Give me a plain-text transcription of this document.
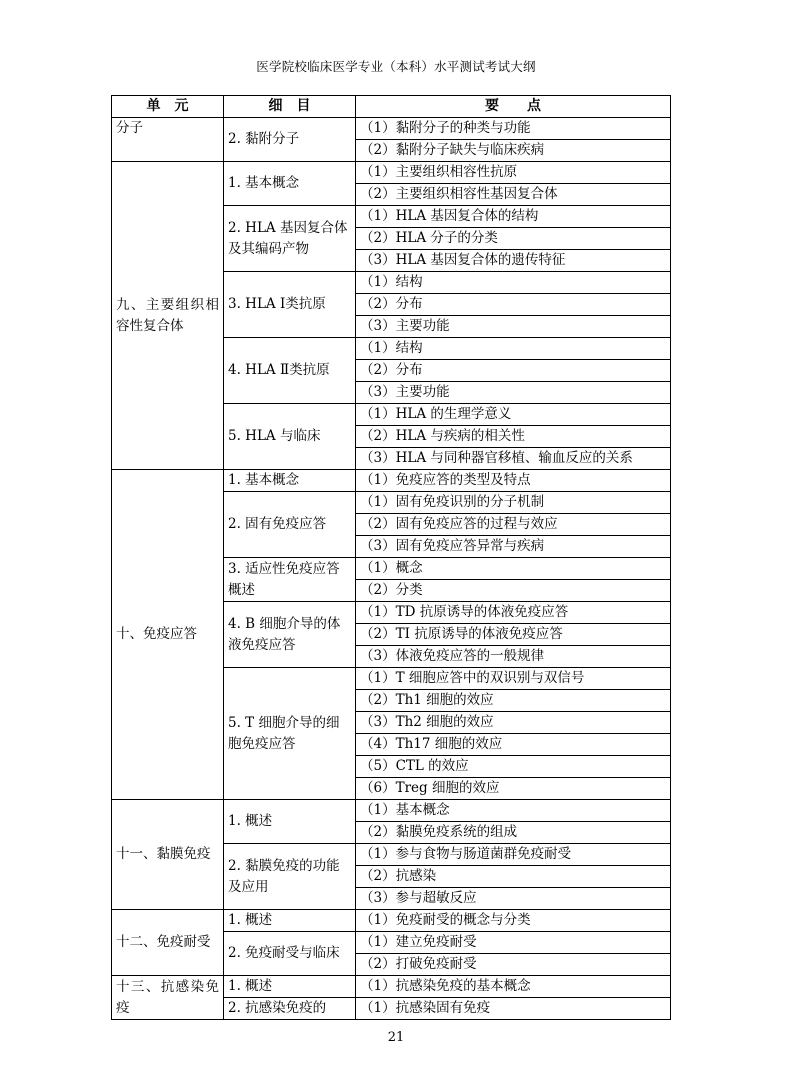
医学院校临床医学专业（本科）水平测试考试大纲
单　元	细　目	要　　点
分子	2. 黏附分子	（1）黏附分子的种类与功能
		（2）黏附分子缺失与临床疾病
九、主要组织相容性复合体	1. 基本概念	（1）主要组织相容性抗原
		（2）主要组织相容性基因复合体
	2. HLA 基因复合体及其编码产物	（1）HLA 基因复合体的结构
		（2）HLA 分子的分类
		（3）HLA 基因复合体的遗传特征
	3. HLA Ⅰ类抗原	（1）结构
		（2）分布
		（3）主要功能
	4. HLA Ⅱ类抗原	（1）结构
		（2）分布
		（3）主要功能
	5. HLA 与临床	（1）HLA 的生理学意义
		（2）HLA 与疾病的相关性
		（3）HLA 与同种器官移植、输血反应的关系
十、免疫应答	1. 基本概念	（1）免疫应答的类型及特点
	2. 固有免疫应答	（1）固有免疫识别的分子机制
		（2）固有免疫应答的过程与效应
		（3）固有免疫应答异常与疾病
	3. 适应性免疫应答概述	（1）概念
		（2）分类
	4. B 细胞介导的体液免疫应答	（1）TD 抗原诱导的体液免疫应答
		（2）TI 抗原诱导的体液免疫应答
		（3）体液免疫应答的一般规律
	5. T 细胞介导的细胞免疫应答	（1）T 细胞应答中的双识别与双信号
		（2）Th1 细胞的效应
		（3）Th2 细胞的效应
		（4）Th17 细胞的效应
		（5）CTL 的效应
		（6）Treg 细胞的效应
十一、黏膜免疫	1. 概述	（1）基本概念
		（2）黏膜免疫系统的组成
	2. 黏膜免疫的功能及应用	（1）参与食物与肠道菌群免疫耐受
		（2）抗感染
		（3）参与超敏反应
十二、免疫耐受	1. 概述	（1）免疫耐受的概念与分类
	2. 免疫耐受与临床	（1）建立免疫耐受
		（2）打破免疫耐受
十三、抗感染免疫	1. 概述	（1）抗感染免疫的基本概念
	2. 抗感染免疫的	（1）抗感染固有免疫
21
